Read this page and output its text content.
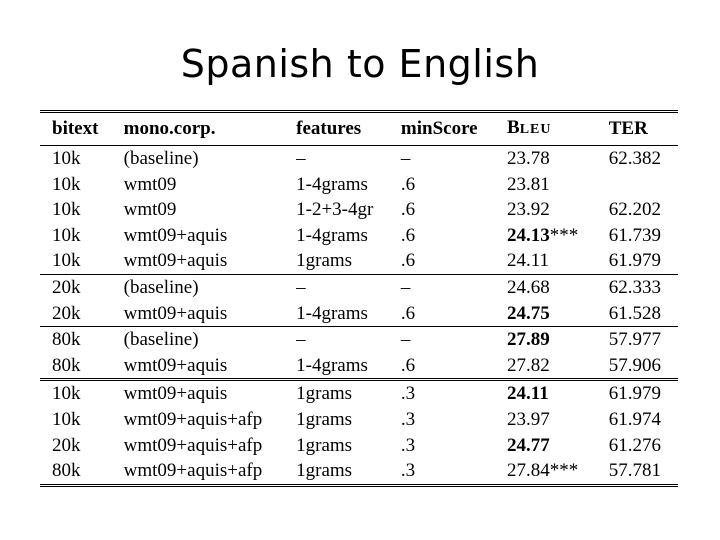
Spanish to English
bitext	mono.corp.	features	minScore	BLEU	TER
10k	(baseline)	–	–	23.78	62.382
10k	wmt09	1-4grams	.6	23.81	
10k	wmt09	1-2+3-4gr	.6	23.92	62.202
10k	wmt09+aquis	1-4grams	.6	24.13***	61.739
10k	wmt09+aquis	1grams	.6	24.11	61.979
20k	(baseline)	–	–	24.68	62.333
20k	wmt09+aquis	1-4grams	.6	24.75	61.528
80k	(baseline)	–	–	27.89	57.977
80k	wmt09+aquis	1-4grams	.6	27.82	57.906
10k	wmt09+aquis	1grams	.3	24.11	61.979
10k	wmt09+aquis+afp	1grams	.3	23.97	61.974
20k	wmt09+aquis+afp	1grams	.3	24.77	61.276
80k	wmt09+aquis+afp	1grams	.3	27.84***	57.781
